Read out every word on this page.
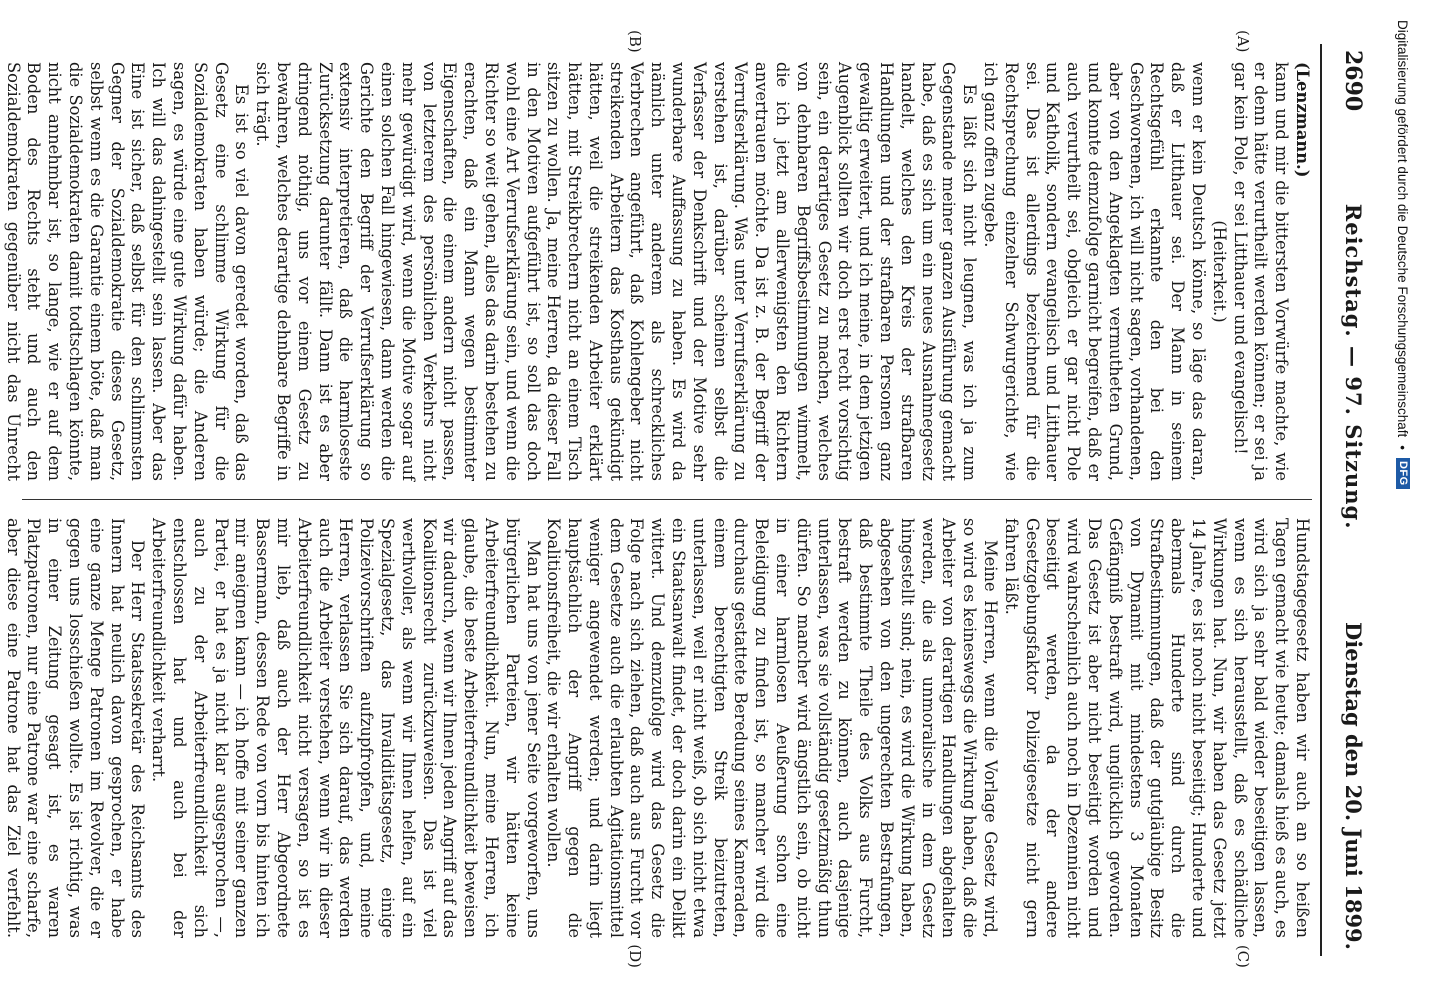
2690
Reichstag. — 97. Sitzung.
Dienstag den 20. Juni 1899.
(A)
(B)
(C)
(D)

(Lenzmann.)

kann und mir die bittersten Vorwürfe machte, wie er denn hätte verurtheilt werden können; er sei ja gar kein Pole, er sei Litthauer und evangelisch!

(Heiterkeit.)

wenn er kein Deutsch könne, so läge das daran, daß er Litthauer sei. Der Mann in seinem Rechtsgefühl erkannte den bei den Geschworenen, ich will nicht sagen, vorhandenen, aber von den Angeklagten vermutheten Grund, und konnte demzufolge garnicht begreifen, daß er auch verurtheilt sei, obgleich er gar nicht Pole und Katholik, sondern evangelisch und Litthauer sei. Das ist allerdings bezeichnend für die Rechtsprechung einzelner Schwurgerichte, wie ich ganz offen zugebe.

Es läßt sich nicht leugnen, was ich ja zum Gegenstande meiner ganzen Ausführung gemacht habe, daß es sich um ein neues Ausnahmegesetz handelt, welches den Kreis der strafbaren Handlungen und der strafbaren Personen ganz gewaltig erweitert, und ich meine, in dem jetzigen Augenblick sollten wir doch erst recht vorsichtig sein, ein derartiges Gesetz zu machen, welches von dehnbaren Begriffsbestimmungen wimmelt, die ich jetzt am allerwenigsten den Richtern anvertrauen möchte. Da ist z. B. der Begriff der Verrufserklärung. Was unter Verrufserklärung zu verstehen ist, darüber scheinen selbst die Verfasser der Denkschrift und der Motive sehr wunderbare Auffassung zu haben. Es wird da nämlich unter anderem als schreckliches Verbrechen angeführt, daß Kohlengeber nicht streikenden Arbeitern das Kosthaus gekündigt hätten, weil die streikenden Arbeiter erklärt hätten, mit Streikbrechern nicht an einem Tisch sitzen zu wollen. Ja, meine Herren, da dieser Fall in den Motiven aufgeführt ist, so soll das doch wohl eine Art Verrufserklärung sein, und wenn die Richter so weit gehen, alles das darin bestehen zu erachten, daß ein Mann wegen bestimmter Eigenschaften, die einem andern nicht passen, von letzterem des persönlichen Verkehrs nicht mehr gewürdigt wird, wenn die Motive sogar auf einen solchen Fall hingewiesen, dann werden die Gerichte den Begriff der Verrufserklärung so extensiv interpretieren, daß die harmloseste Zurücksetzung darunter fällt. Dann ist es aber dringend nöthig, uns vor einem Gesetz zu bewahren, welches derartige dehnbare Begriffe in sich trägt.

Es ist so viel davon geredet worden, daß das Gesetz eine schlimme Wirkung für die Sozialdemokraten haben würde; die Anderen sagen, es würde eine gute Wirkung dafür haben. Ich will das dahingestellt sein lassen. Aber das Eine ist sicher, daß selbst für den schlimmsten Gegner der Sozialdemokratie dieses Gesetz, selbst wenn es die Garantie einem böte, daß man die Sozialdemokraten damit todtschlagen könnte, nicht annehmbar ist, so lange, wie er auf dem Boden des Rechts steht und auch den Sozialdemokraten gegenüber nicht das Unrecht

Hundstagegesetz haben wir auch an so heißen Tagen gemacht wie heute; damals hieß es auch, es wird sich ja sehr bald wieder beseitigen lassen, wenn es sich herausstellt, daß es schädliche Wirkungen hat. Nun, wir haben das Gesetz jetzt 14 Jahre, es ist noch nicht beseitigt; Hunderte und abermals Hunderte sind durch die Strafbestimmungen, daß der gutgläubige Besitz von Dynamit mit mindestens 3 Monaten Gefängniß bestraft wird, unglücklich geworden. Das Gesetz ist aber nicht beseitigt worden und wird wahrscheinlich auch noch in Dezennien nicht beseitigt werden, da der andere Gesetzgebungsfaktor Polizeigesetze nicht gern fahren läßt.

Meine Herren, wenn die Vorlage Gesetz wird, so wird es keineswegs die Wirkung haben, daß die Arbeiter von derartigen Handlungen abgehalten werden, die als unmoralische in dem Gesetz hingestellt sind; nein, es wird die Wirkung haben, abgesehen von den ungerechten Bestrafungen, daß bestimmte Theile des Volks aus Furcht, bestraft werden zu können, auch dasjenige unterlassen, was sie vollständig gesetzmäßig thun dürfen. So mancher wird ängstlich sein, ob nicht in einer harmlosen Aeußerung schon eine Beleidigung zu finden ist, so mancher wird die durchaus gestattete Beredung seines Kameraden, einem berechtigten Streik beizutreten, unterlassen, weil er nicht weiß, ob sich nicht etwa ein Staatsanwalt findet, der doch darin ein Delikt wittert. Und demzufolge wird das Gesetz die Folge nach sich ziehen, daß auch aus Furcht vor dem Gesetze auch die erlaubten Agitationsmittel weniger angewendet werden; und darin liegt hauptsächlich der Angriff gegen die Koalitionsfreiheit, die wir erhalten wollen.

Man hat uns von jener Seite vorgeworfen, uns bürgerlichen Parteien, wir hätten keine Arbeiterfreundlichkeit. Nun, meine Herren, ich glaube, die beste Arbeiterfreundlichkeit beweisen wir dadurch, wenn wir Ihnen jeden Angriff auf das Koalitionsrecht zurückzuweisen. Das ist viel werthvoller, als wenn wir Ihnen helfen, auf ein Spezialgesetz, das Invaliditätsgesetz, einige Polizeivorschriften aufzupfropfen, und, meine Herren, verlassen Sie sich darauf, das werden auch die Arbeiter verstehen, wenn wir in dieser Arbeiterfreundlichkeit nicht versagen, so ist es mir lieb, daß auch der Herr Abgeordnete Bassermann, dessen Rede von vorn bis hinten ich mir aneignen kann — ich hoffe mit seiner ganzen Partei, er hat es ja nicht klar ausgesprochen —, auch zu der Arbeiterfreundlichkeit sich entschlossen hat und auch bei der Arbeiterfreundlichkeit verharrt.

Der Herr Staatssekretär des Reichsamts des Innern hat neulich davon gesprochen, er habe eine ganze Menge Patronen im Revolver, die er gegen uns losschießen wollte. Es ist richtig, was in einer Zeitung gesagt ist, es waren Platzpatronen, nur eine Patrone war eine scharfe, aber diese eine Patrone hat das Ziel verfehlt.

Digitalisierung gefördert durch die Deutsche Forschungsgemeinschaft
•
DFG
